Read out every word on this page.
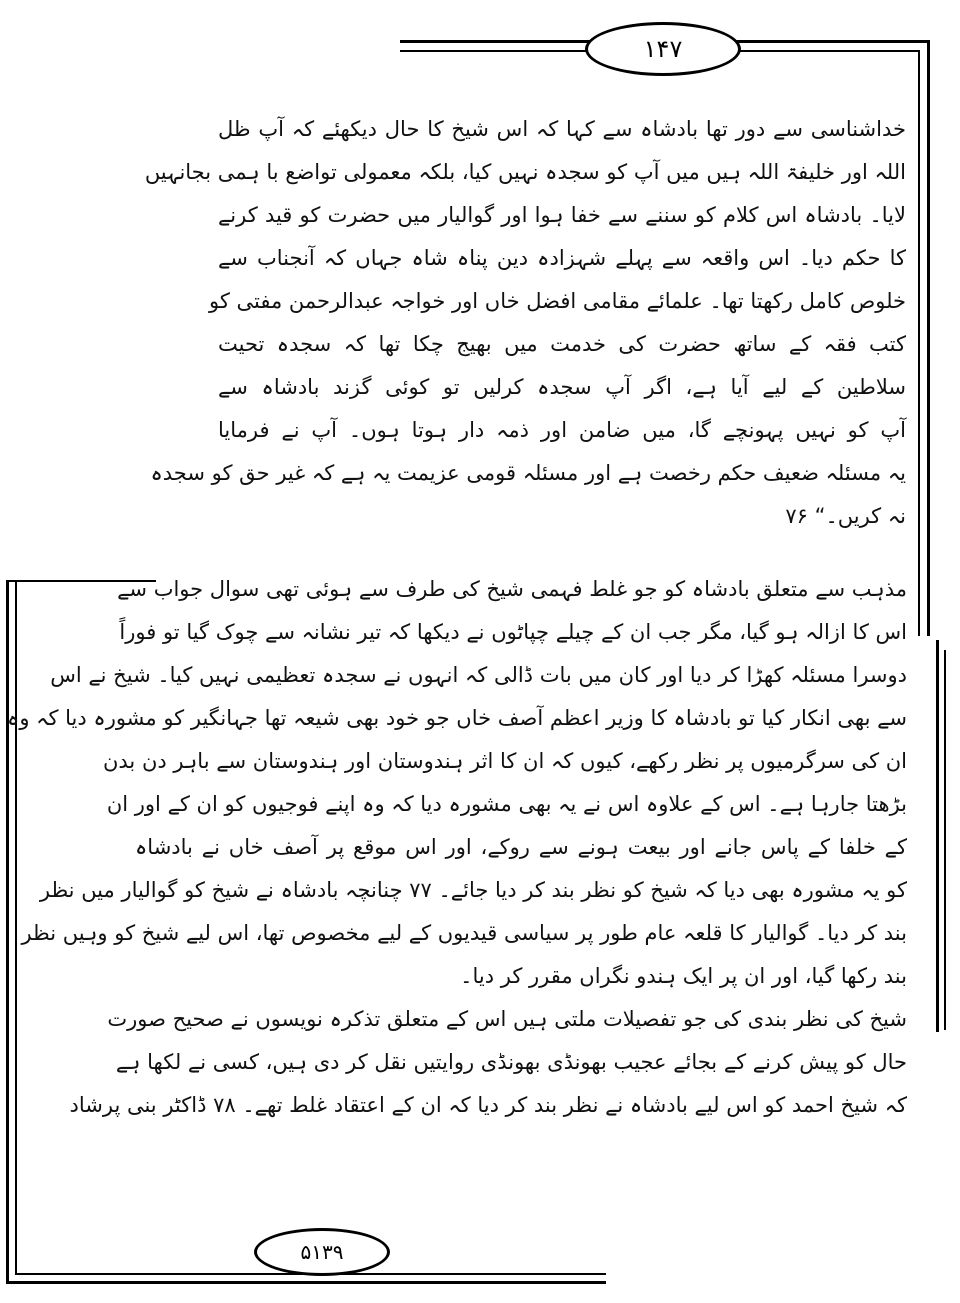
۱۴۷
خداشناسی سے دور تھا بادشاہ سے کہا کہ اس شیخ کا حال دیکھئے کہ آپ ظل
اللہ اور خلیفۃ اللہ ہیں میں آپ کو سجدہ نہیں کیا، بلکہ معمولی تواضع با ہمی بجانہیں
لایا۔ بادشاہ اس کلام کو سننے سے خفا ہوا اور گوالیار میں حضرت کو قید کرنے
کا حکم دیا۔ اس واقعہ سے پہلے شہزادہ دین پناہ شاہ جہاں کہ آنجناب سے
خلوص کامل رکھتا تھا۔ علمائے مقامی افضل خاں اور خواجہ عبدالرحمن مفتی کو
کتب فقہ کے ساتھ حضرت کی خدمت میں بھیج چکا تھا کہ سجدہ تحیت
سلاطین کے لیے آیا ہے، اگر آپ سجدہ کرلیں تو کوئی گزند بادشاہ سے
آپ کو نہیں پہونچے گا، میں ضامن اور ذمہ دار ہوتا ہوں۔ آپ نے فرمایا
یہ مسئلہ ضعیف حکم رخصت ہے اور مسئلہ قومی عزیمت یہ ہے کہ غیر حق کو سجدہ
نہ کریں۔“ ۷۶
مذہب سے متعلق بادشاہ کو جو غلط فہمی شیخ کی طرف سے ہوئی تھی سوال جواب سے
اس کا ازالہ ہو گیا، مگر جب ان کے چیلے چپاٹوں نے دیکھا کہ تیر نشانہ سے چوک گیا تو فوراً
دوسرا مسئلہ کھڑا کر دیا اور کان میں بات ڈالی کہ انہوں نے سجدہ تعظیمی نہیں کیا۔ شیخ نے اس
سے بھی انکار کیا تو بادشاہ کا وزیر اعظم آصف خاں جو خود بھی شیعہ تھا جہانگیر کو مشورہ دیا کہ وہ
ان کی سرگرمیوں پر نظر رکھے، کیوں کہ ان کا اثر ہندوستان اور ہندوستان سے باہر دن بدن
بڑھتا جارہا ہے۔ اس کے علاوہ اس نے یہ بھی مشورہ دیا کہ وہ اپنے فوجیوں کو ان کے اور ان
کے خلفا کے پاس جانے اور بیعت ہونے سے روکے، اور اس موقع پر آصف خاں نے بادشاہ
کو یہ مشورہ بھی دیا کہ شیخ کو نظر بند کر دیا جائے۔ ۷۷ چنانچہ بادشاہ نے شیخ کو گوالیار میں نظر
بند کر دیا۔ گوالیار کا قلعہ عام طور پر سیاسی قیدیوں کے لیے مخصوص تھا، اس لیے شیخ کو وہیں نظر
بند رکھا گیا، اور ان پر ایک ہندو نگراں مقرر کر دیا۔
شیخ کی نظر بندی کی جو تفصیلات ملتی ہیں اس کے متعلق تذکرہ نویسوں نے صحیح صورت
حال کو پیش کرنے کے بجائے عجیب بھونڈی بھونڈی روایتیں نقل کر دی ہیں، کسی نے لکھا ہے
کہ شیخ احمد کو اس لیے بادشاہ نے نظر بند کر دیا کہ ان کے اعتقاد غلط تھے۔ ۷۸ ڈاکٹر بنی پرشاد
۵۱۳۹
